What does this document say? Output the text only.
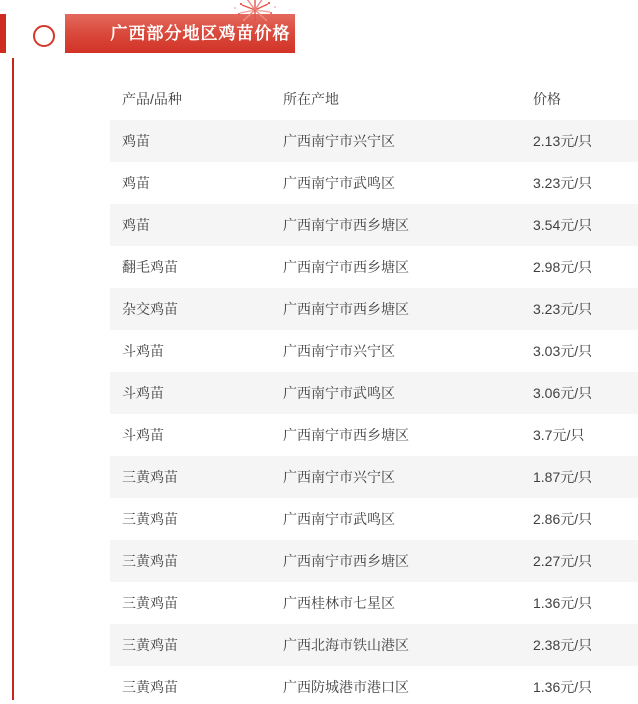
广西部分地区鸡苗价格
产品/品种	所在产地	价格
鸡苗	广西南宁市兴宁区	2.13元/只
鸡苗	广西南宁市武鸣区	3.23元/只
鸡苗	广西南宁市西乡塘区	3.54元/只
翻毛鸡苗	广西南宁市西乡塘区	2.98元/只
杂交鸡苗	广西南宁市西乡塘区	3.23元/只
斗鸡苗	广西南宁市兴宁区	3.03元/只
斗鸡苗	广西南宁市武鸣区	3.06元/只
斗鸡苗	广西南宁市西乡塘区	3.7元/只
三黄鸡苗	广西南宁市兴宁区	1.87元/只
三黄鸡苗	广西南宁市武鸣区	2.86元/只
三黄鸡苗	广西南宁市西乡塘区	2.27元/只
三黄鸡苗	广西桂林市七星区	1.36元/只
三黄鸡苗	广西北海市铁山港区	2.38元/只
三黄鸡苗	广西防城港市港口区	1.36元/只
